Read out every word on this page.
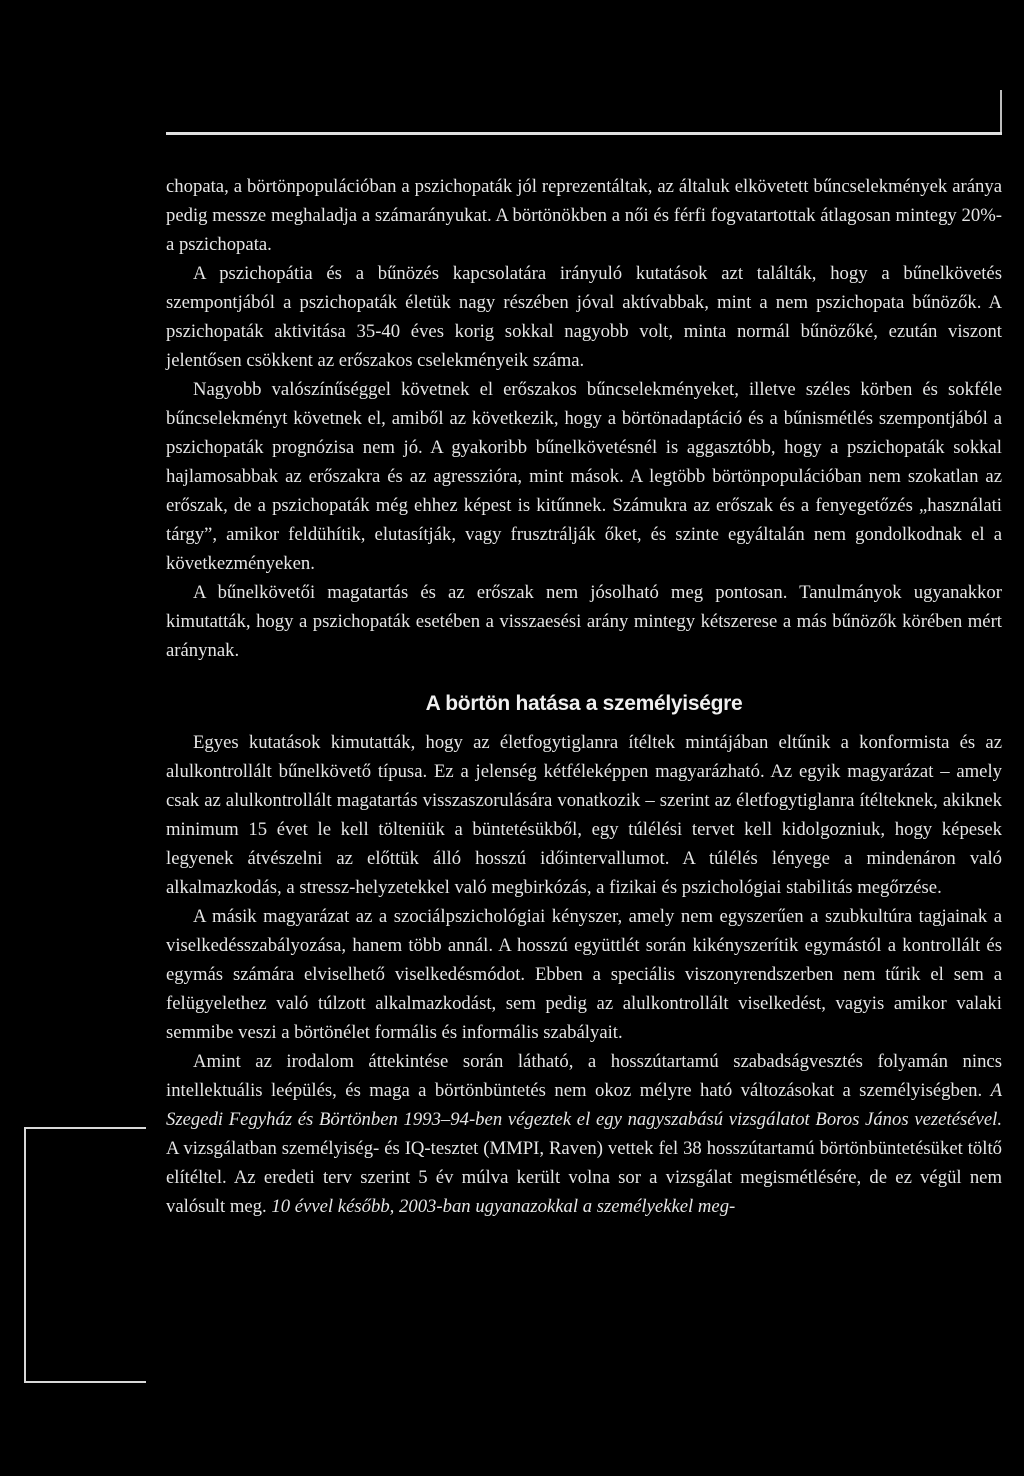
chopata, a börtönpopulációban a pszichopaták jól reprezentáltak, az általuk elkövetett bűncselekmények aránya pedig messze meghaladja a számarányukat. A börtönökben a női és férfi fogvatartottak átlagosan mintegy 20%-a pszichopata.

A pszichopátia és a bűnözés kapcsolatára irányuló kutatások azt találták, hogy a bűnelkövetés szempontjából a pszichopaták életük nagy részében jóval aktívabbak, mint a nem pszichopata bűnözők. A pszichopaták aktivitása 35-40 éves korig sokkal nagyobb volt, minta normál bűnözőké, ezután viszont jelentősen csökkent az erőszakos cselekményeik száma.

Nagyobb valószínűséggel követnek el erőszakos bűncselekményeket, illetve széles körben és sokféle bűncselekményt követnek el, amiből az következik, hogy a börtönadaptáció és a bűnismétlés szempontjából a pszichopaták prognózisa nem jó. A gyakoribb bűnelkövetésnél is aggasztóbb, hogy a pszichopaták sokkal hajlamosabbak az erőszakra és az agresszióra, mint mások. A legtöbb börtönpopulációban nem szokatlan az erőszak, de a pszichopaták még ehhez képest is kitűnnek. Számukra az erőszak és a fenyegetőzés „használati tárgy”, amikor feldühítik, elutasítják, vagy frusztrálják őket, és szinte egyáltalán nem gondolkodnak el a következményeken.

A bűnelkövetői magatartás és az erőszak nem jósolható meg pontosan. Tanulmányok ugyanakkor kimutatták, hogy a pszichopaták esetében a visszaesési arány mintegy kétszerese a más bűnözők körében mért aránynak.

A börtön hatása a személyiségre

Egyes kutatások kimutatták, hogy az életfogytiglanra ítéltek mintájában eltűnik a konformista és az alulkontrollált bűnelkövető típusa. Ez a jelenség kétféleképpen magyarázható. Az egyik magyarázat – amely csak az alulkontrollált magatartás visszaszorulására vonatkozik – szerint az életfogytiglanra ítélteknek, akiknek minimum 15 évet le kell tölteniük a büntetésükből, egy túlélési tervet kell kidolgozniuk, hogy képesek legyenek átvészelni az előttük álló hosszú időintervallumot. A túlélés lényege a mindenáron való alkalmazkodás, a stressz-helyzetekkel való megbirkózás, a fizikai és pszichológiai stabilitás megőrzése.

A másik magyarázat az a szociálpszichológiai kényszer, amely nem egyszerűen a szubkultúra tagjainak a viselkedésszabályozása, hanem több annál. A hosszú együttlét során kikényszerítik egymástól a kontrollált és egymás számára elviselhető viselkedésmódot. Ebben a speciális viszonyrendszerben nem tűrik el sem a felügyelethez való túlzott alkalmazkodást, sem pedig az alulkontrollált viselkedést, vagyis amikor valaki semmibe veszi a börtönélet formális és informális szabályait.

Amint az irodalom áttekintése során látható, a hosszútartamú szabadságvesztés folyamán nincs intellektuális leépülés, és maga a börtönbüntetés nem okoz mélyre ható változásokat a személyiségben. A Szegedi Fegyház és Börtönben 1993–94-ben végeztek el egy nagyszabású vizsgálatot Boros János vezetésével. A vizsgálatban személyiség- és IQ-tesztet (MMPI, Raven) vettek fel 38 hosszútartamú börtönbüntetésüket töltő elítéltel. Az eredeti terv szerint 5 év múlva került volna sor a vizsgálat megismétlésére, de ez végül nem valósult meg. 10 évvel később, 2003-ban ugyanazokkal a személyekkel meg-
